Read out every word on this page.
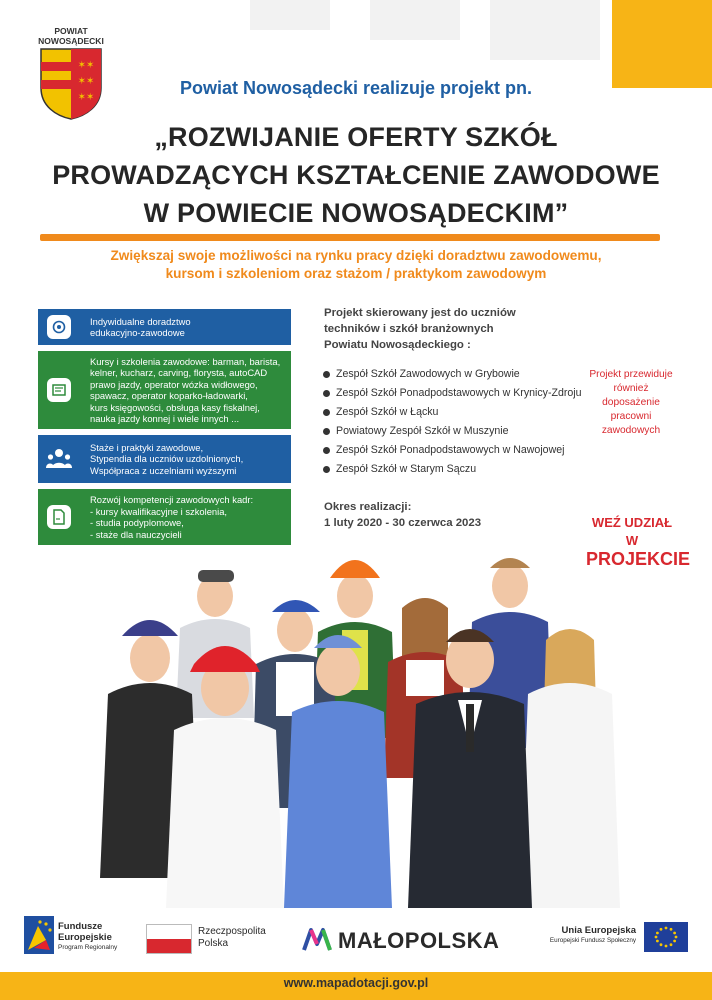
POWIAT
NOWOSĄDECKI
✶✶
✶✶
✶✶	Powiat Nowosądecki realizuje projekt pn.
„ROZWIJANIE OFERTY SZKÓŁ
PROWADZĄCYCH KSZTAŁCENIE ZAWODOWE
W POWIECIE NOWOSĄDECKIM”
Zwiększaj swoje możliwości na rynku pracy dzięki doradztwu zawodowemu,
kursom i szkoleniom oraz stażom / praktykom zawodowym
Indywidualne doradztwo
edukacyjno-zawodowe
Kursy i szkolenia zawodowe: barman, barista,
kelner, kucharz, carving, florysta, autoCAD
prawo jazdy, operator wózka widłowego,
spawacz, operator koparko-ładowarki,
kurs księgowości, obsługa kasy fiskalnej,
nauka jazdy konnej i wiele innych ...
Staże i praktyki zawodowe,
Stypendia dla uczniów uzdolnionych,
Współpraca z uczelniami wyższymi
Rozwój kompetencji zawodowych kadr:
- kursy kwalifikacyjne i szkolenia,
- studia podyplomowe,
- staże dla nauczycieli
Projekt skierowany jest do uczniów
techników i szkół branżownych
Powiatu Nowosądeckiego :
Zespół Szkół Zawodowych w Grybowie
Zespół Szkół Ponadpodstawowych w Krynicy-Zdroju
Zespół Szkół w Łącku
Powiatowy Zespół Szkół w Muszynie
Zespół Szkół Ponadpodstawowych w Nawojowej
Zespół Szkół w Starym Sączu
Projekt przewiduje
również
doposażenie
pracowni
zawodowych
Okres realizacji:
1 luty 2020 - 30 czerwca 2023	WEŹ UDZIAŁ W
PROJEKCIE
Fundusze
Europejskie
Program Regionalny
Rzeczpospolita
Polska	MAŁOPOLSKA	Unia Europejska
Europejski Fundusz Społeczny
www.mapadotacji.gov.pl
